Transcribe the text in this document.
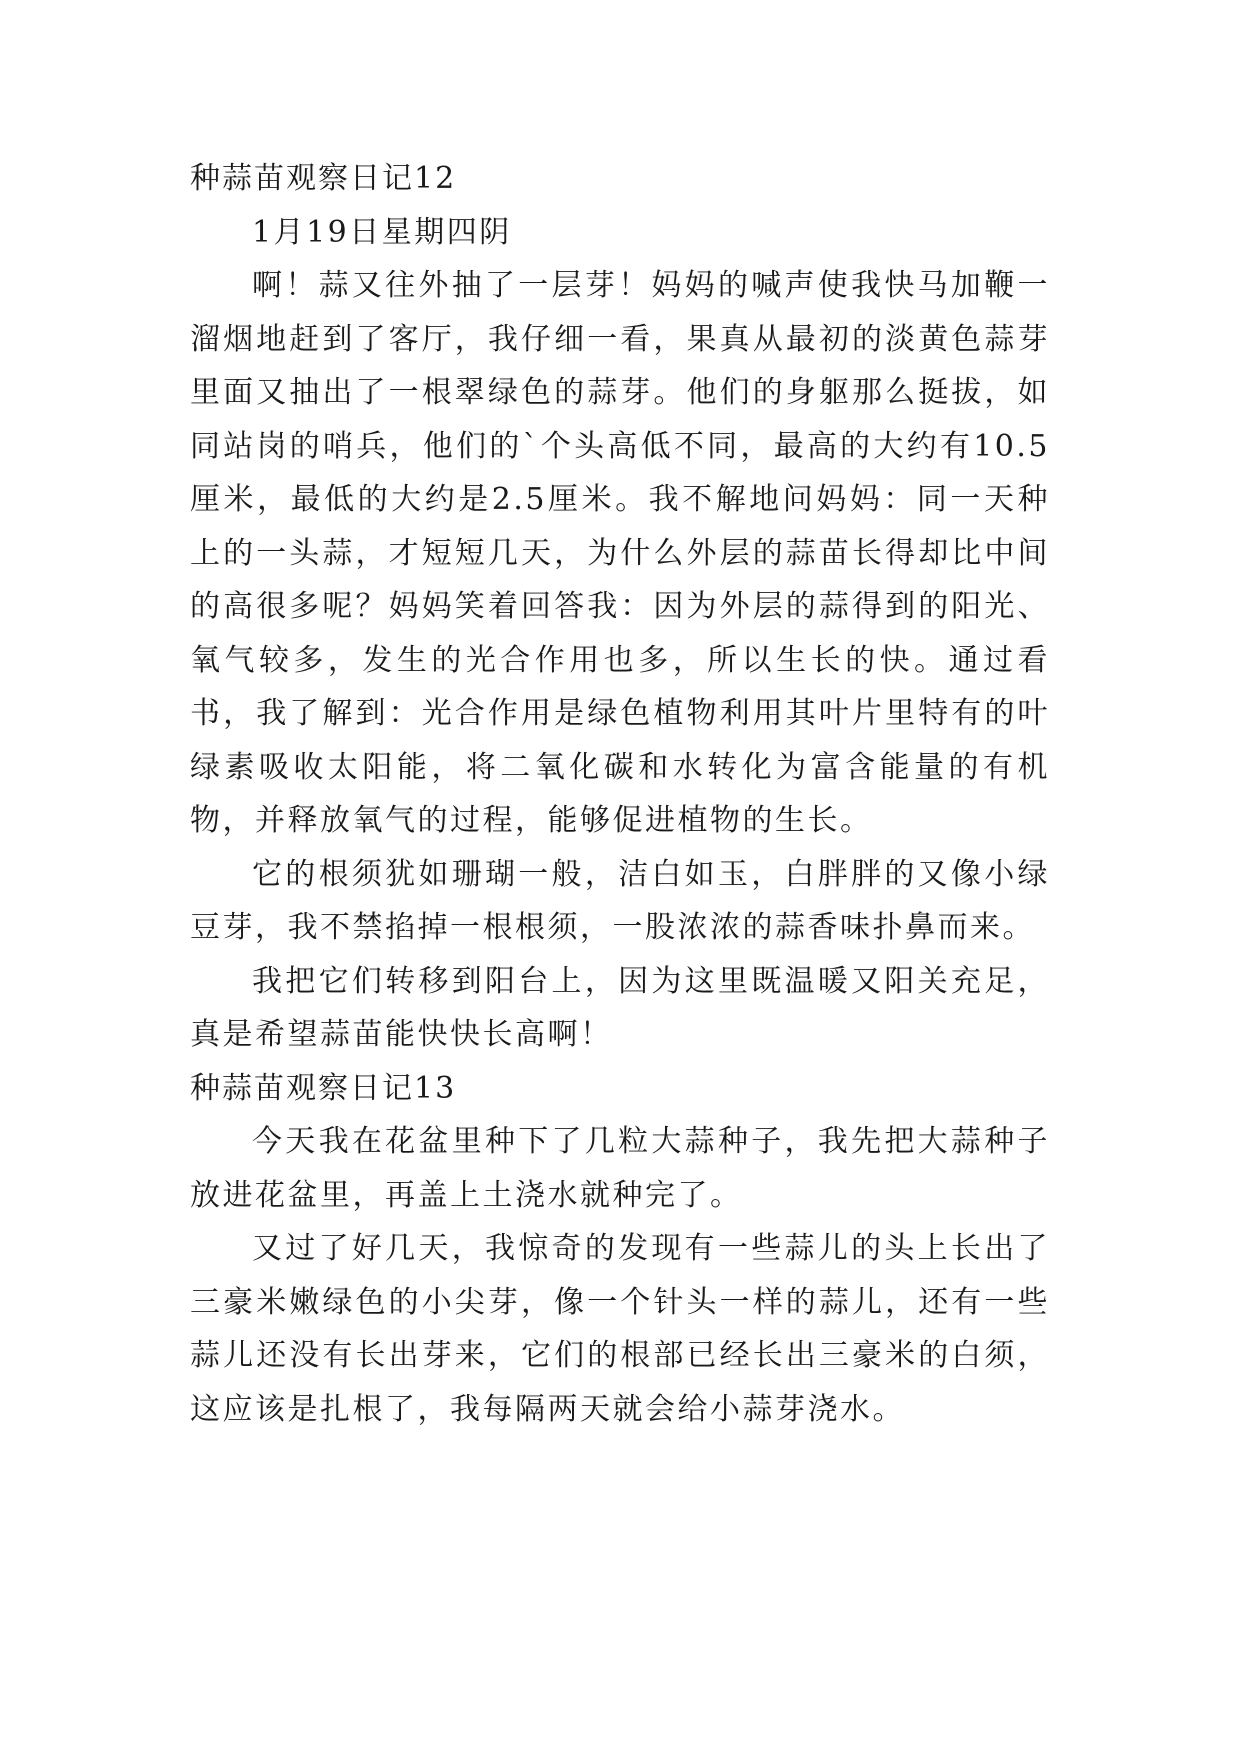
种蒜苗观察日记12

1月19日星期四阴

啊！蒜又往外抽了一层芽！妈妈的喊声使我快马加鞭一溜烟地赶到了客厅，我仔细一看，果真从最初的淡黄色蒜芽里面又抽出了一根翠绿色的蒜芽。他们的身躯那么挺拔，如同站岗的哨兵，他们的`个头高低不同，最高的大约有10.5厘米，最低的大约是2.5厘米。我不解地问妈妈：同一天种上的一头蒜，才短短几天，为什么外层的蒜苗长得却比中间的高很多呢？妈妈笑着回答我：因为外层的蒜得到的阳光、氧气较多，发生的光合作用也多，所以生长的快。通过看书，我了解到：光合作用是绿色植物利用其叶片里特有的叶绿素吸收太阳能，将二氧化碳和水转化为富含能量的有机物，并释放氧气的过程，能够促进植物的生长。

它的根须犹如珊瑚一般，洁白如玉，白胖胖的又像小绿豆芽，我不禁掐掉一根根须，一股浓浓的蒜香味扑鼻而来。

我把它们转移到阳台上，因为这里既温暖又阳关充足，真是希望蒜苗能快快长高啊！

种蒜苗观察日记13

今天我在花盆里种下了几粒大蒜种子，我先把大蒜种子放进花盆里，再盖上土浇水就种完了。

又过了好几天，我惊奇的发现有一些蒜儿的头上长出了三豪米嫩绿色的小尖芽，像一个针头一样的蒜儿，还有一些蒜儿还没有长出芽来，它们的根部已经长出三豪米的白须，这应该是扎根了，我每隔两天就会给小蒜芽浇水。
